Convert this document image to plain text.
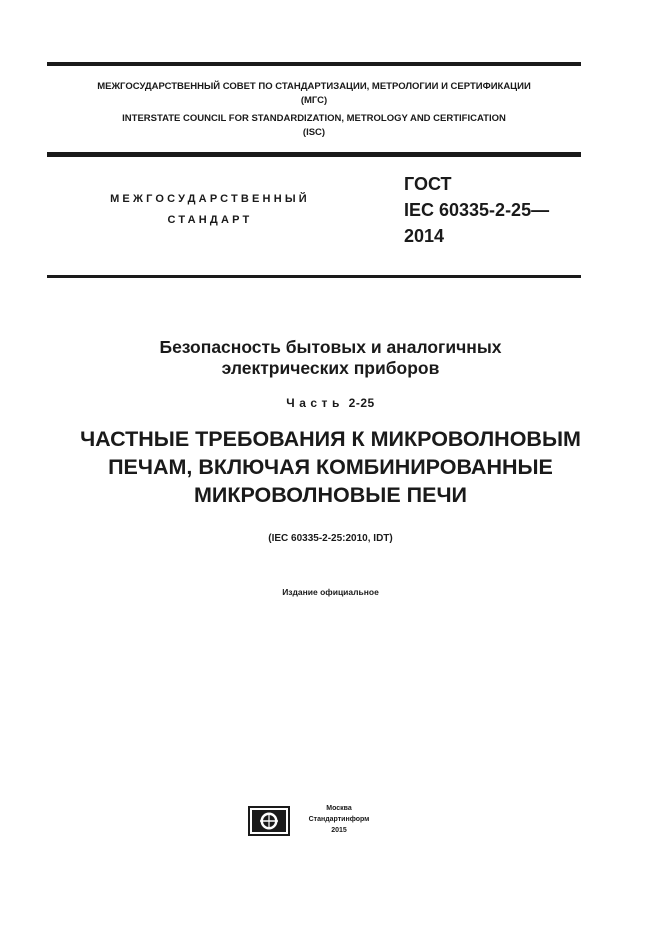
МЕЖГОСУДАРСТВЕННЫЙ СОВЕТ ПО СТАНДАРТИЗАЦИИ, МЕТРОЛОГИИ И СЕРТИФИКАЦИИ
(МГС)
INTERSTATE COUNCIL FOR STANDARDIZATION, METROLOGY AND CERTIFICATION
(ISC)
МЕЖГОСУДАРСТВЕННЫЙ
СТАНДАРТ
ГОСТ
IEC 60335-2-25—
2014
Безопасность бытовых и аналогичных
электрических приборов
Часть 2-25
ЧАСТНЫЕ ТРЕБОВАНИЯ К МИКРОВОЛНОВЫМ
ПЕЧАМ, ВКЛЮЧАЯ КОМБИНИРОВАННЫЕ
МИКРОВОЛНОВЫЕ ПЕЧИ
(IEC 60335-2-25:2010, IDT)
Издание официальное
Москва
Стандартинформ
2015
